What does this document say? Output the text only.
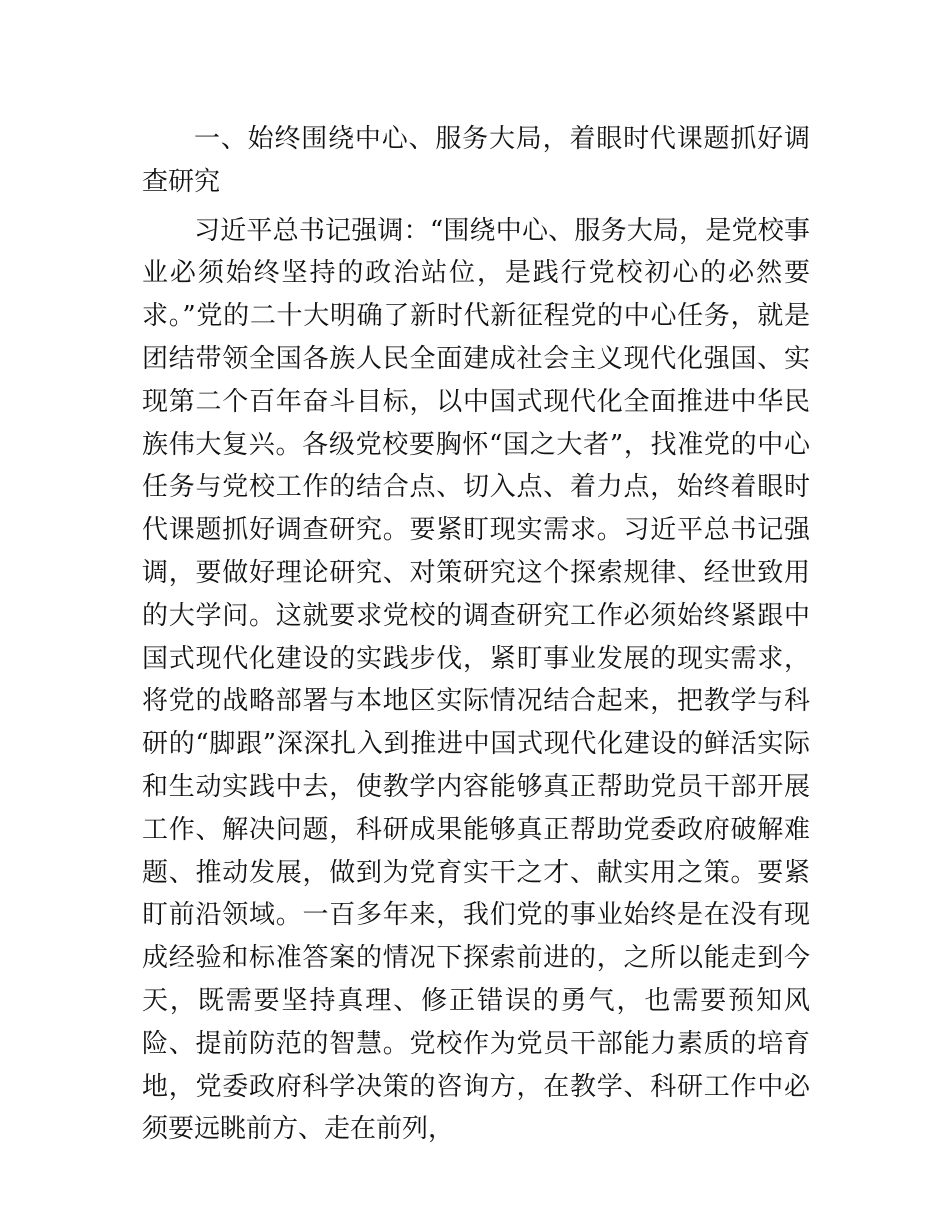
一、始终围绕中心、服务大局，着眼时代课题抓好调查研究

习近平总书记强调：“围绕中心、服务大局，是党校事业必须始终坚持的政治站位，是践行党校初心的必然要求。”党的二十大明确了新时代新征程党的中心任务，就是团结带领全国各族人民全面建成社会主义现代化强国、实现第二个百年奋斗目标，以中国式现代化全面推进中华民族伟大复兴。各级党校要胸怀“国之大者”，找准党的中心任务与党校工作的结合点、切入点、着力点，始终着眼时代课题抓好调查研究。要紧盯现实需求。习近平总书记强调，要做好理论研究、对策研究这个探索规律、经世致用的大学问。这就要求党校的调查研究工作必须始终紧跟中国式现代化建设的实践步伐，紧盯事业发展的现实需求，将党的战略部署与本地区实际情况结合起来，把教学与科研的“脚跟”深深扎入到推进中国式现代化建设的鲜活实际和生动实践中去，使教学内容能够真正帮助党员干部开展工作、解决问题，科研成果能够真正帮助党委政府破解难题、推动发展，做到为党育实干之才、献实用之策。要紧盯前沿领域。一百多年来，我们党的事业始终是在没有现成经验和标准答案的情况下探索前进的，之所以能走到今天，既需要坚持真理、修正错误的勇气，也需要预知风险、提前防范的智慧。党校作为党员干部能力素质的培育地，党委政府科学决策的咨询方，在教学、科研工作中必须要远眺前方、走在前列，
